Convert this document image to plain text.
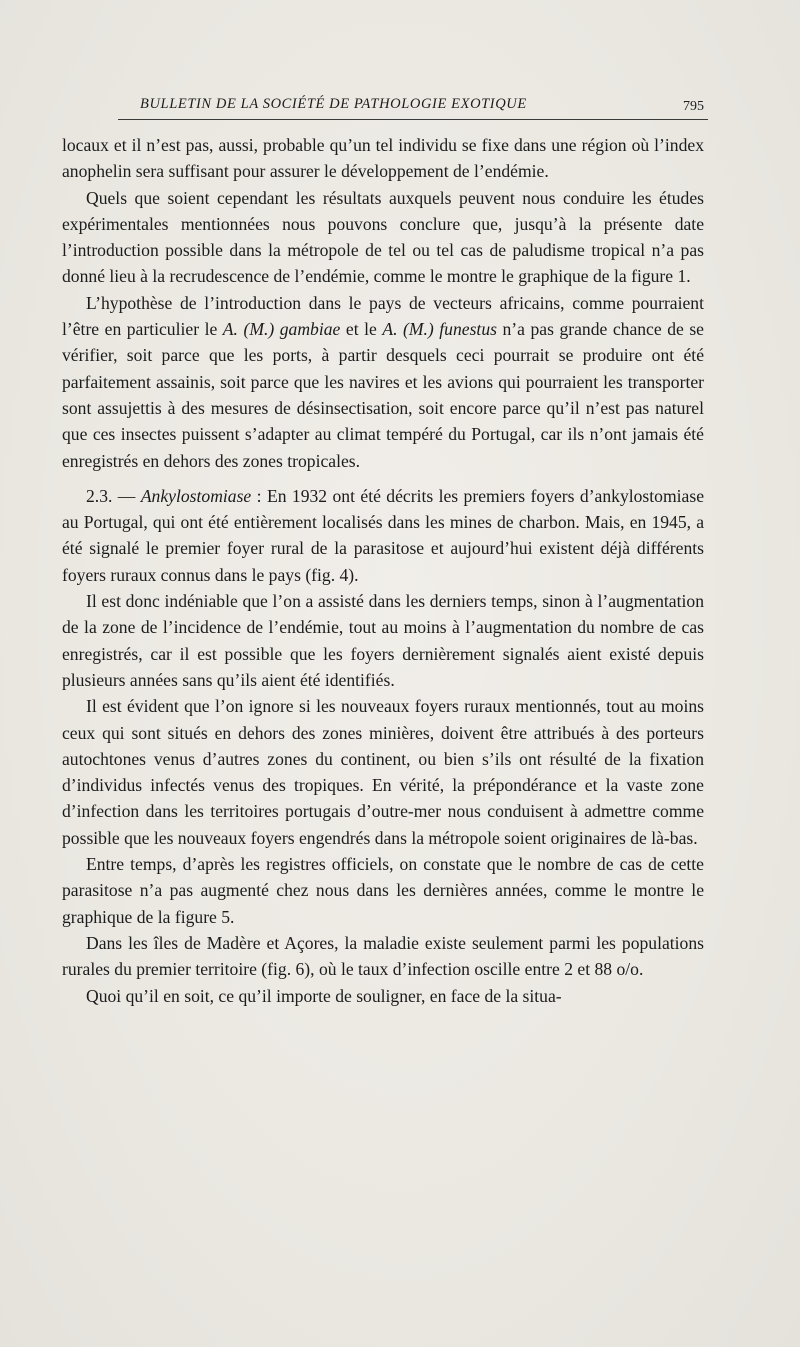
BULLETIN DE LA SOCIÉTÉ DE PATHOLOGIE EXOTIQUE	795

locaux et il n’est pas, aussi, probable qu’un tel individu se fixe dans une région où l’index anophelin sera suffisant pour assurer le développement de l’endémie.

Quels que soient cependant les résultats auxquels peuvent nous conduire les études expérimentales mentionnées nous pouvons conclure que, jusqu’à la présente date l’introduction possible dans la métropole de tel ou tel cas de paludisme tropical n’a pas donné lieu à la recrudescence de l’endémie, comme le montre le graphique de la figure 1.

L’hypothèse de l’introduction dans le pays de vecteurs africains, comme pourraient l’être en particulier le A. (M.) gambiae et le A. (M.) funestus n’a pas grande chance de se vérifier, soit parce que les ports, à partir desquels ceci pourrait se produire ont été parfaitement assainis, soit parce que les navires et les avions qui pourraient les transporter sont assujettis à des mesures de désinsectisation, soit encore parce qu’il n’est pas naturel que ces insectes puissent s’adapter au climat tempéré du Portugal, car ils n’ont jamais été enregistrés en dehors des zones tropicales.

2.3. — Ankylostomiase : En 1932 ont été décrits les premiers foyers d’ankylostomiase au Portugal, qui ont été entièrement localisés dans les mines de charbon. Mais, en 1945, a été signalé le premier foyer rural de la parasitose et aujourd’hui existent déjà différents foyers ruraux connus dans le pays (fig. 4).

Il est donc indéniable que l’on a assisté dans les derniers temps, sinon à l’augmentation de la zone de l’incidence de l’endémie, tout au moins à l’augmentation du nombre de cas enregistrés, car il est possible que les foyers dernièrement signalés aient existé depuis plusieurs années sans qu’ils aient été identifiés.

Il est évident que l’on ignore si les nouveaux foyers ruraux mentionnés, tout au moins ceux qui sont situés en dehors des zones minières, doivent être attribués à des porteurs autochtones venus d’autres zones du continent, ou bien s’ils ont résulté de la fixation d’individus infectés venus des tropiques. En vérité, la prépondérance et la vaste zone d’infection dans les territoires portugais d’outre-mer nous conduisent à admettre comme possible que les nouveaux foyers engendrés dans la métropole soient originaires de là-bas.

Entre temps, d’après les registres officiels, on constate que le nombre de cas de cette parasitose n’a pas augmenté chez nous dans les dernières années, comme le montre le graphique de la figure 5.

Dans les îles de Madère et Açores, la maladie existe seulement parmi les populations rurales du premier territoire (fig. 6), où le taux d’infection oscille entre 2 et 88 o/o.

Quoi qu’il en soit, ce qu’il importe de souligner, en face de la situa-
